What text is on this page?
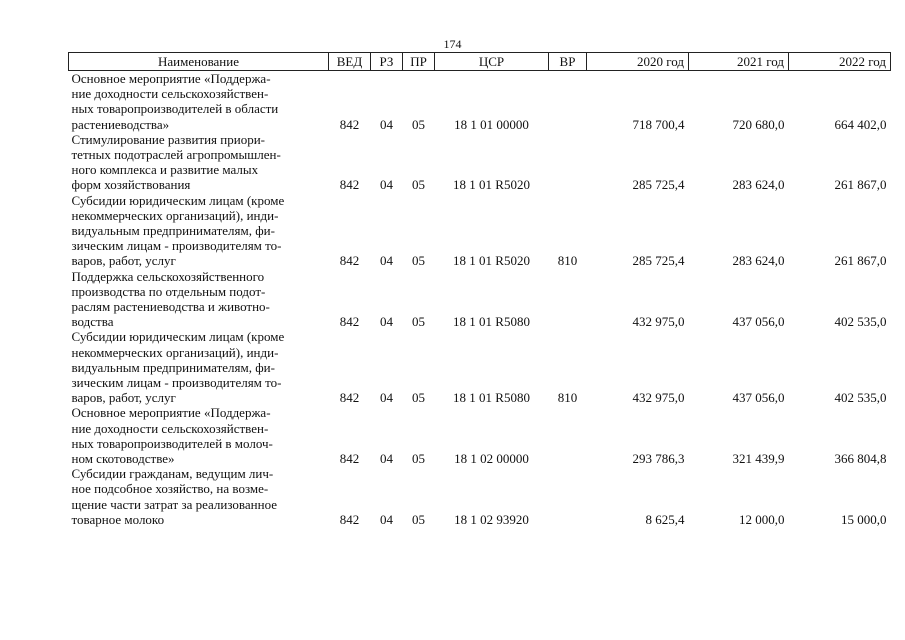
174
Наименование	ВЕД	РЗ	ПР	ЦСР	ВР	2020 год	2021 год	2022 год

Основное мероприятие «Поддержа-
ние доходности сельскохозяйствен-
ных товаропроизводителей в области
растениеводства»	842	04	05	18 1 01 00000		718 700,4	720 680,0	664 402,0

Стимулирование развития приори-
тетных подотраслей агропромышлен-
ного комплекса и развитие малых
форм хозяйствования	842	04	05	18 1 01 R5020		285 725,4	283 624,0	261 867,0

Субсидии юридическим лицам (кроме
некоммерческих организаций), инди-
видуальным предпринимателям, фи-
зическим лицам - производителям то-
варов, работ, услуг	842	04	05	18 1 01 R5020	810	285 725,4	283 624,0	261 867,0

Поддержка сельскохозяйственного
производства по отдельным подот-
раслям растениеводства и животно-
водства	842	04	05	18 1 01 R5080		432 975,0	437 056,0	402 535,0

Субсидии юридическим лицам (кроме
некоммерческих организаций), инди-
видуальным предпринимателям, фи-
зическим лицам - производителям то-
варов, работ, услуг	842	04	05	18 1 01 R5080	810	432 975,0	437 056,0	402 535,0

Основное мероприятие «Поддержа-
ние доходности сельскохозяйствен-
ных товаропроизводителей в молоч-
ном скотоводстве»	842	04	05	18 1 02 00000		293 786,3	321 439,9	366 804,8

Субсидии гражданам, ведущим лич-
ное подсобное хозяйство, на возме-
щение части затрат за реализованное
товарное молоко	842	04	05	18 1 02 93920		8 625,4	12 000,0	15 000,0
